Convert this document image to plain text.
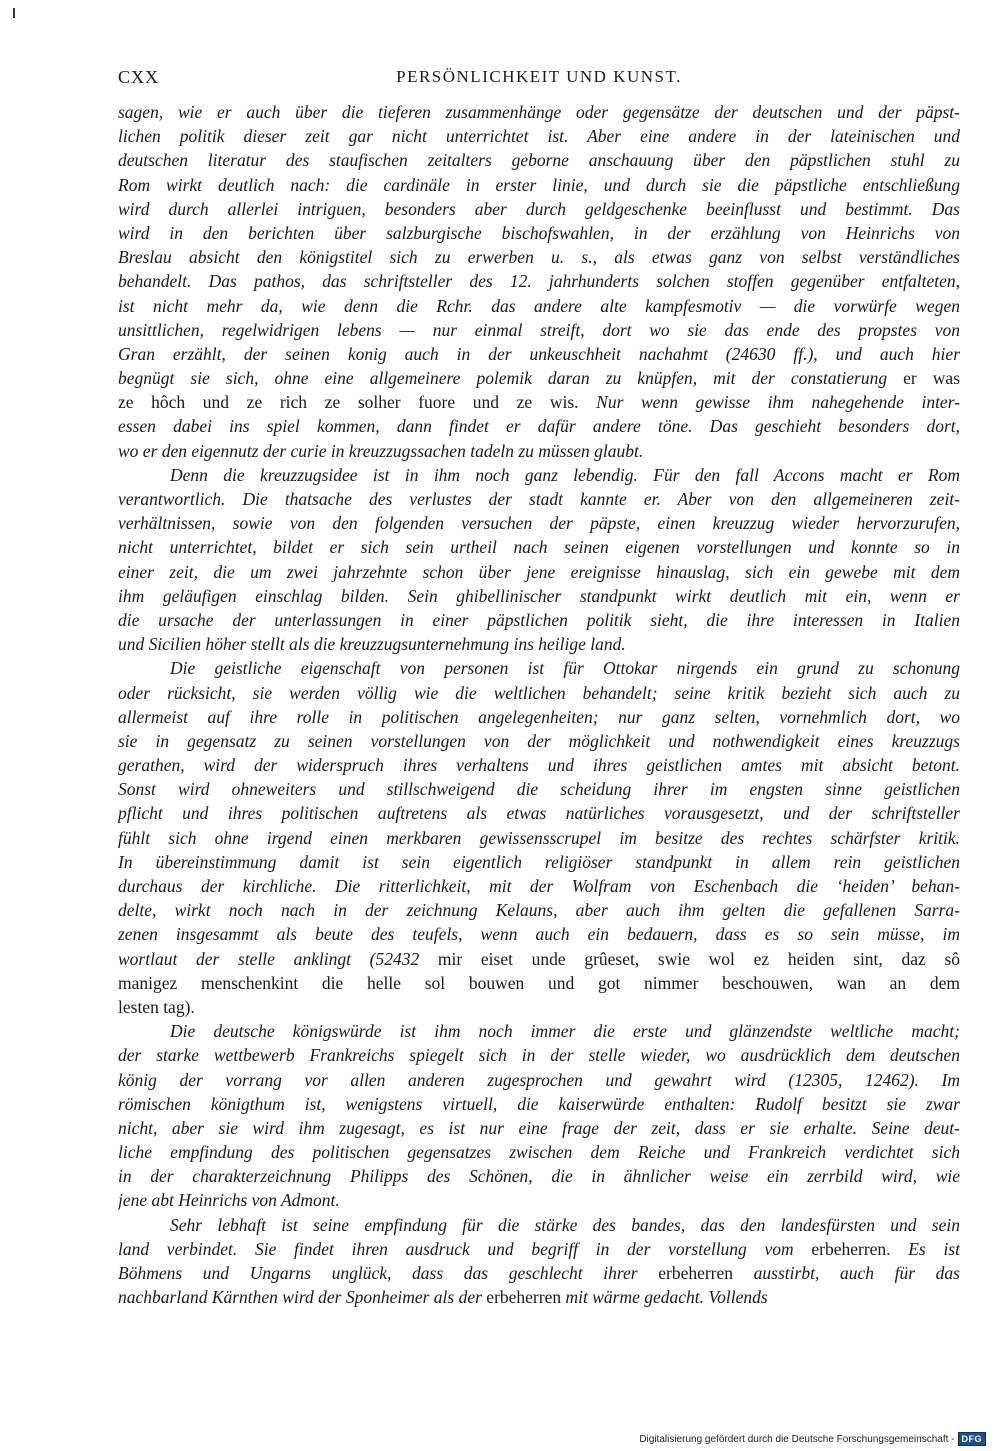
CXX	PERSÖNLICHKEIT UND KUNST.
sagen, wie er auch über die tieferen zusammenhänge oder gegensätze der deutschen und der päpst-
lichen politik dieser zeit gar nicht unterrichtet ist. Aber eine andere in der lateinischen und
deutschen literatur des staufischen zeitalters geborne anschauung über den päpstlichen stuhl zu
Rom wirkt deutlich nach: die cardinäle in erster linie, und durch sie die päpstliche entschließung
wird durch allerlei intriguen, besonders aber durch geldgeschenke beeinflusst und bestimmt. Das
wird in den berichten über salzburgische bischofswahlen, in der erzählung von Heinrichs von
Breslau absicht den königstitel sich zu erwerben u. s., als etwas ganz von selbst verständliches
behandelt. Das pathos, das schriftsteller des 12. jahrhunderts solchen stoffen gegenüber entfalteten,
ist nicht mehr da, wie denn die Rchr. das andere alte kampfesmotiv — die vorwürfe wegen
unsittlichen, regelwidrigen lebens — nur einmal streift, dort wo sie das ende des propstes von
Gran erzählt, der seinen konig auch in der unkeuschheit nachahmt (24630 ff.), und auch hier
begnügt sie sich, ohne eine allgemeinere polemik daran zu knüpfen, mit der constatierung er was
ze hôch und ze rich ze solher fuore und ze wis. Nur wenn gewisse ihm nahegehende inter-
essen dabei ins spiel kommen, dann findet er dafür andere töne. Das geschieht besonders dort,
wo er den eigennutz der curie in kreuzzugssachen tadeln zu müssen glaubt.
Denn die kreuzzugsidee ist in ihm noch ganz lebendig. Für den fall Accons macht er Rom
verantwortlich. Die thatsache des verlustes der stadt kannte er. Aber von den allgemeineren zeit-
verhältnissen, sowie von den folgenden versuchen der päpste, einen kreuzzug wieder hervorzurufen,
nicht unterrichtet, bildet er sich sein urtheil nach seinen eigenen vorstellungen und konnte so in
einer zeit, die um zwei jahrzehnte schon über jene ereignisse hinauslag, sich ein gewebe mit dem
ihm geläufigen einschlag bilden. Sein ghibellinischer standpunkt wirkt deutlich mit ein, wenn er
die ursache der unterlassungen in einer päpstlichen politik sieht, die ihre interessen in Italien
und Sicilien höher stellt als die kreuzzugsunternehmung ins heilige land.
Die geistliche eigenschaft von personen ist für Ottokar nirgends ein grund zu schonung
oder rücksicht, sie werden völlig wie die weltlichen behandelt; seine kritik bezieht sich auch zu
allermeist auf ihre rolle in politischen angelegenheiten; nur ganz selten, vornehmlich dort, wo
sie in gegensatz zu seinen vorstellungen von der möglichkeit und nothwendigkeit eines kreuzzugs
gerathen, wird der widerspruch ihres verhaltens und ihres geistlichen amtes mit absicht betont.
Sonst wird ohneweiters und stillschweigend die scheidung ihrer im engsten sinne geistlichen
pflicht und ihres politischen auftretens als etwas natürliches vorausgesetzt, und der schriftsteller
fühlt sich ohne irgend einen merkbaren gewissensscrupel im besitze des rechtes schärfster kritik.
In übereinstimmung damit ist sein eigentlich religiöser standpunkt in allem rein geistlichen
durchaus der kirchliche. Die ritterlichkeit, mit der Wolfram von Eschenbach die ‘heiden’ behan-
delte, wirkt noch nach in der zeichnung Kelauns, aber auch ihm gelten die gefallenen Sarra-
zenen insgesammt als beute des teufels, wenn auch ein bedauern, dass es so sein müsse, im
wortlaut der stelle anklingt (52432 mir eiset unde grûeset, swie wol ez heiden sint, daz sô
manigez menschenkint die helle sol bouwen und got nimmer beschouwen, wan an dem
lesten tag).
Die deutsche königswürde ist ihm noch immer die erste und glänzendste weltliche macht;
der starke wettbewerb Frankreichs spiegelt sich in der stelle wieder, wo ausdrücklich dem deutschen
könig der vorrang vor allen anderen zugesprochen und gewahrt wird (12305, 12462). Im
römischen königthum ist, wenigstens virtuell, die kaiserwürde enthalten: Rudolf besitzt sie zwar
nicht, aber sie wird ihm zugesagt, es ist nur eine frage der zeit, dass er sie erhalte. Seine deut-
liche empfindung des politischen gegensatzes zwischen dem Reiche und Frankreich verdichtet sich
in der charakterzeichnung Philipps des Schönen, die in ähnlicher weise ein zerrbild wird, wie
jene abt Heinrichs von Admont.
Sehr lebhaft ist seine empfindung für die stärke des bandes, das den landesfürsten und sein
land verbindet. Sie findet ihren ausdruck und begriff in der vorstellung vom erbeherren. Es ist
Böhmens und Ungarns unglück, dass das geschlecht ihrer erbeherren ausstirbt, auch für das
nachbarland Kärnthen wird der Sponheimer als der erbeherren mit wärme gedacht. Vollends
Digitalisierung gefördert durch die Deutsche Forschungsgemeinschaft - DFG
